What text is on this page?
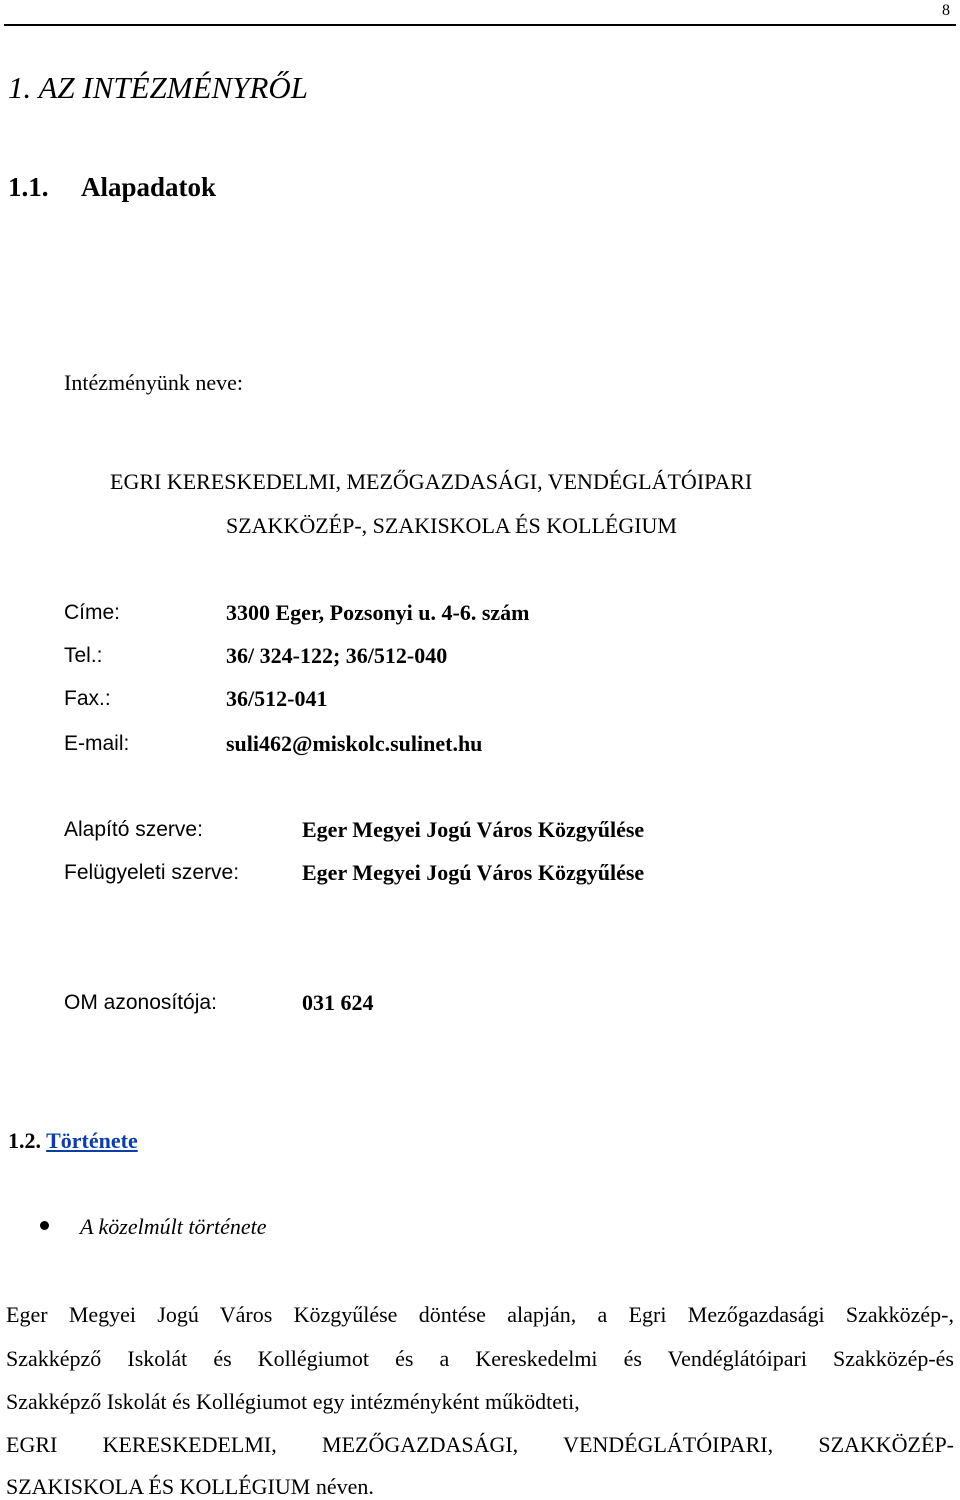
8
1. AZ INTÉZMÉNYRŐL
1.1. Alapadatok
Intézményünk neve:
EGRI KERESKEDELMI, MEZŐGAZDASÁGI, VENDÉGLÁTÓIPARI
SZAKKÖZÉP-, SZAKISKOLA ÉS KOLLÉGIUM
Címe:	3300 Eger, Pozsonyi u. 4-6. szám
Tel.:	36/ 324-122; 36/512-040
Fax.:	36/512-041
E-mail:	suli462@miskolc.sulinet.hu
Alapító szerve:	Eger Megyei Jogú Város Közgyűlése
Felügyeleti szerve:	Eger Megyei Jogú Város Közgyűlése
OM azonosítója:	031 624
1.2. Története
A közelmúlt története
Eger Megyei Jogú Város Közgyűlése döntése alapján, a Egri Mezőgazdasági Szakközép-,
Szakképző Iskolát és Kollégiumot és a Kereskedelmi és Vendéglátóipari Szakközép-és
Szakképző Iskolát és Kollégiumot egy intézményként működteti,
EGRI KERESKEDELMI, MEZŐGAZDASÁGI, VENDÉGLÁTÓIPARI, SZAKKÖZÉP-
SZAKISKOLA ÉS KOLLÉGIUM néven.
